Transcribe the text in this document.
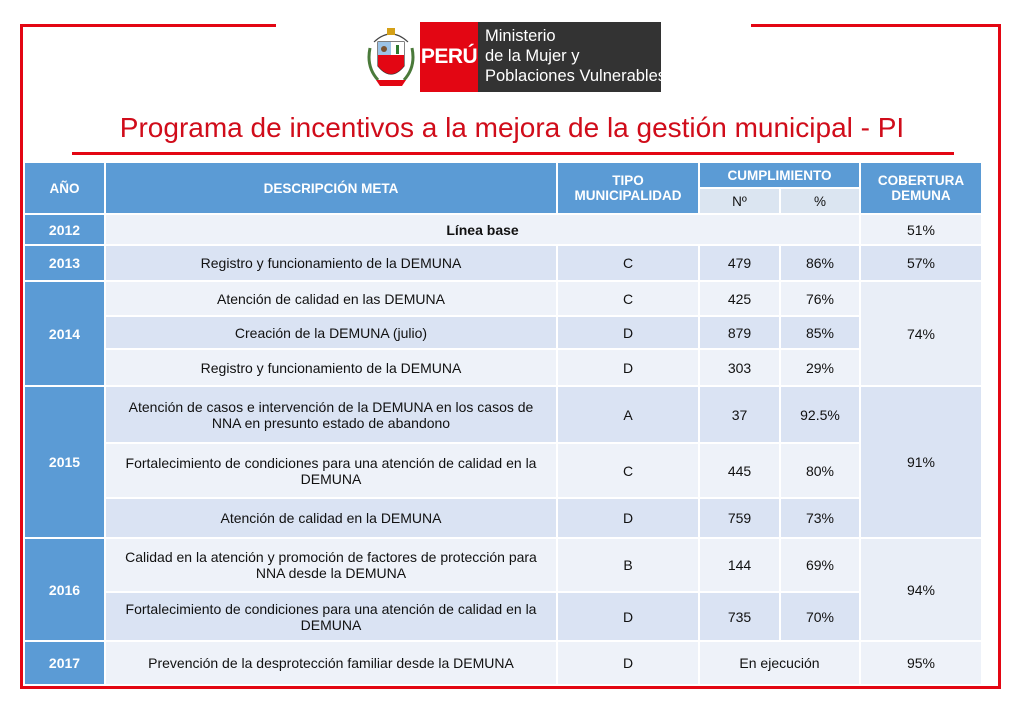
PERÚ
Ministerio
de la Mujer y
Poblaciones Vulnerables
Programa de incentivos a la mejora de la gestión municipal - PI
AÑO	DESCRIPCIÓN META	TIPO MUNICIPALIDAD	CUMPLIMIENTO		COBERTURA DEMUNA
			Nº	%	
2012	Línea base				51%
2013	Registro y funcionamiento de la DEMUNA	C	479	86%	57%
2014	Atención de calidad en las DEMUNA	C	425	76%	74%
	Creación de la DEMUNA (julio)	D	879	85%	
	Registro y funcionamiento de la DEMUNA	D	303	29%	
2015	Atención de casos e intervención de la DEMUNA en los casos de NNA en presunto estado de abandono	A	37	92.5%	91%
	Fortalecimiento de condiciones para una atención de calidad en la DEMUNA	C	445	80%	
	Atención de calidad en la DEMUNA	D	759	73%	
2016	Calidad en la atención y promoción de factores de protección para NNA desde la DEMUNA	B	144	69%	94%
	Fortalecimiento de condiciones para una atención de calidad en la DEMUNA	D	735	70%	
2017	Prevención de la desprotección familiar desde la DEMUNA	D	En ejecución		95%
